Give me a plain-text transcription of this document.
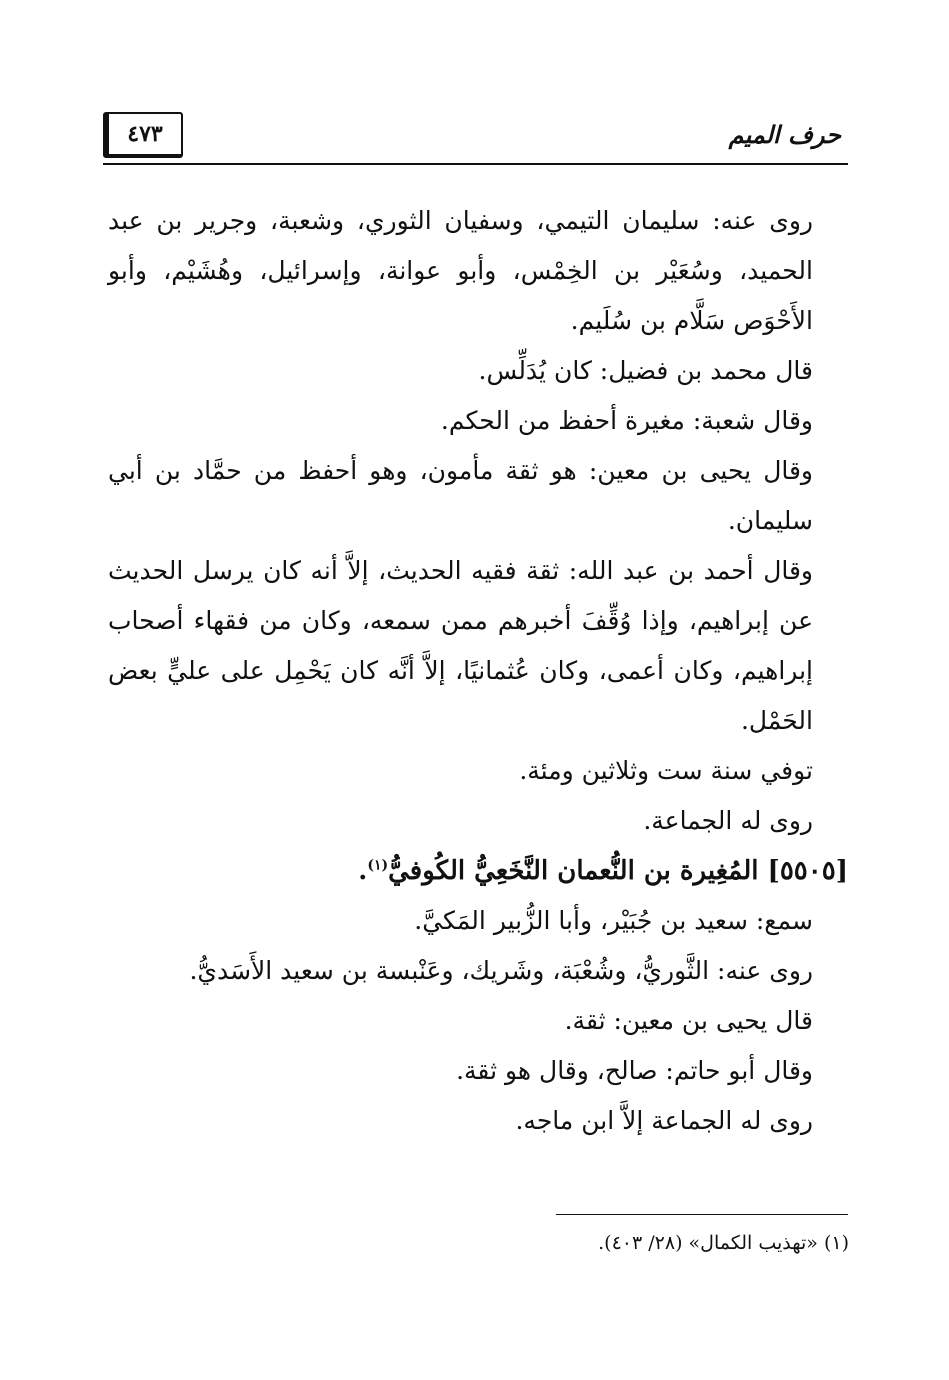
حرف الميم
٤٧٣

روى عنه: سليمان التيمي، وسفيان الثوري، وشعبة، وجرير بن عبد الحميد، وسُعَيْر بن الخِمْس، وأبو عوانة، وإسرائيل، وهُشَيْم، وأبو الأَحْوَص سَلَّام بن سُلَيم.

قال محمد بن فضيل: كان يُدَلِّس.

وقال شعبة: مغيرة أحفظ من الحكم.

وقال يحيى بن معين: هو ثقة مأمون، وهو أحفظ من حمَّاد بن أبي سليمان.

وقال أحمد بن عبد الله: ثقة فقيه الحديث، إلاَّ أنه كان يرسل الحديث عن إبراهيم، وإذا وُقِّفَ أخبرهم ممن سمعه، وكان من فقهاء أصحاب إبراهيم، وكان أعمى، وكان عُثمانيًا، إلاَّ أنَّه كان يَحْمِل على عليٍّ بعض الحَمْل.

توفي سنة ست وثلاثين ومئة.

روى له الجماعة.

[٥٥٠٥] المُغِيرة بن النُّعمان النَّخَعِيُّ الكُوفيُّ$^{(١)}$.

سمع: سعيد بن جُبَيْر، وأبا الزُّبير المَكيَّ.

روى عنه: الثَّوريُّ، وشُعْبَة، وشَريك، وعَنْبسة بن سعيد الأَسَديُّ.

قال يحيى بن معين: ثقة.

وقال أبو حاتم: صالح، وقال هو ثقة.

روى له الجماعة إلاَّ ابن ماجه.

(١) «تهذيب الكمال» (٢٨/ ٤٠٣).
